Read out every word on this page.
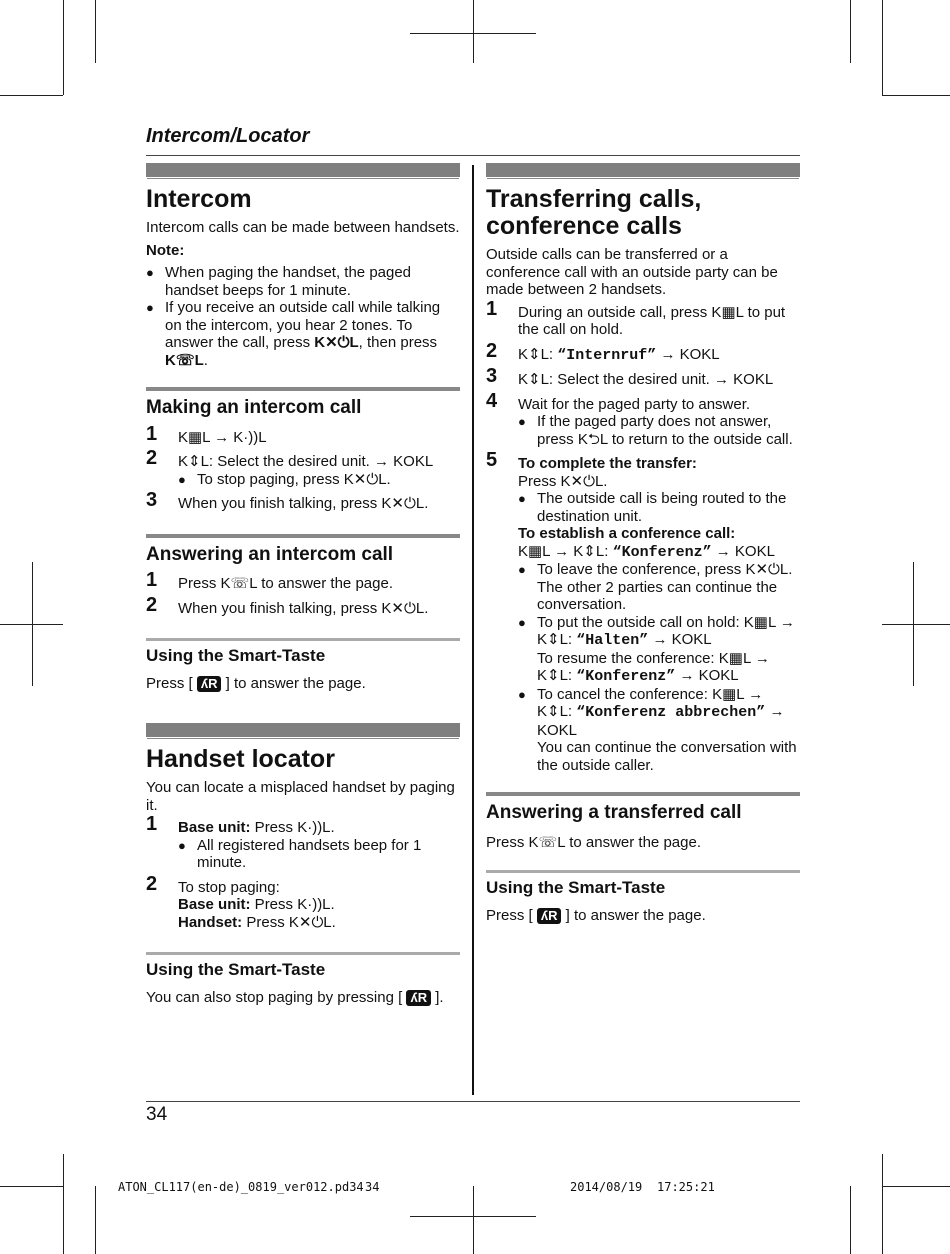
Intercom/Locator
Intercom

Intercom calls can be made between handsets.

Note:
● When paging the handset, the paged handset beeps for 1 minute.
● If you receive an outside call while talking on the intercom, you hear 2 tones. To answer the call, press K✕⏻L, then press K☏L.
Making an intercom call
1 K▦L → K·))L
2 K⇕L: Select the desired unit. → KOKL
● To stop paging, press K✕⏻L.
3 When you finish talking, press K✕⏻L.
Answering an intercom call
1 Press K☏L to answer the page.
2 When you finish talking, press K✕⏻L.
Using the Smart-Taste

Press [ ʎR ] to answer the page.

Handset locator

You can locate a misplaced handset by paging it.

1 Base unit: Press K·))L.
● All registered handsets beep for 1 minute.
2 To stop paging:
Base unit: Press K·))L.
Handset: Press K✕⏻L.
Using the Smart-Taste

You can also stop paging by pressing [ ʎR ].

Transferring calls, conference calls

Outside calls can be transferred or a conference call with an outside party can be made between 2 handsets.

1 During an outside call, press K▦L to put the call on hold.
2 K⇕L: “Internruf” → KOKL
3 K⇕L: Select the desired unit. → KOKL
4 Wait for the paged party to answer.
● If the paged party does not answer, press K⮌L to return to the outside call.
5 To complete the transfer:
Press K✕⏻L.
● The outside call is being routed to the destination unit.
To establish a conference call:
K▦L → K⇕L: “Konferenz” → KOKL
● To leave the conference, press K✕⏻L. The other 2 parties can continue the conversation.
● To put the outside call on hold: K▦L → K⇕L: “Halten” → KOKL
To resume the conference: K▦L → K⇕L: “Konferenz” → KOKL
● To cancel the conference: K▦L → K⇕L: “Konferenz abbrechen” → KOKL
You can continue the conversation with the outside caller.
Answering a transferred call

Press K☏L to answer the page.

Using the Smart-Taste

Press [ ʎR ] to answer the page.

34
ATON_CL117(en-de)_0819_ver012.pd34 34	2014/08/19 17:25:21
